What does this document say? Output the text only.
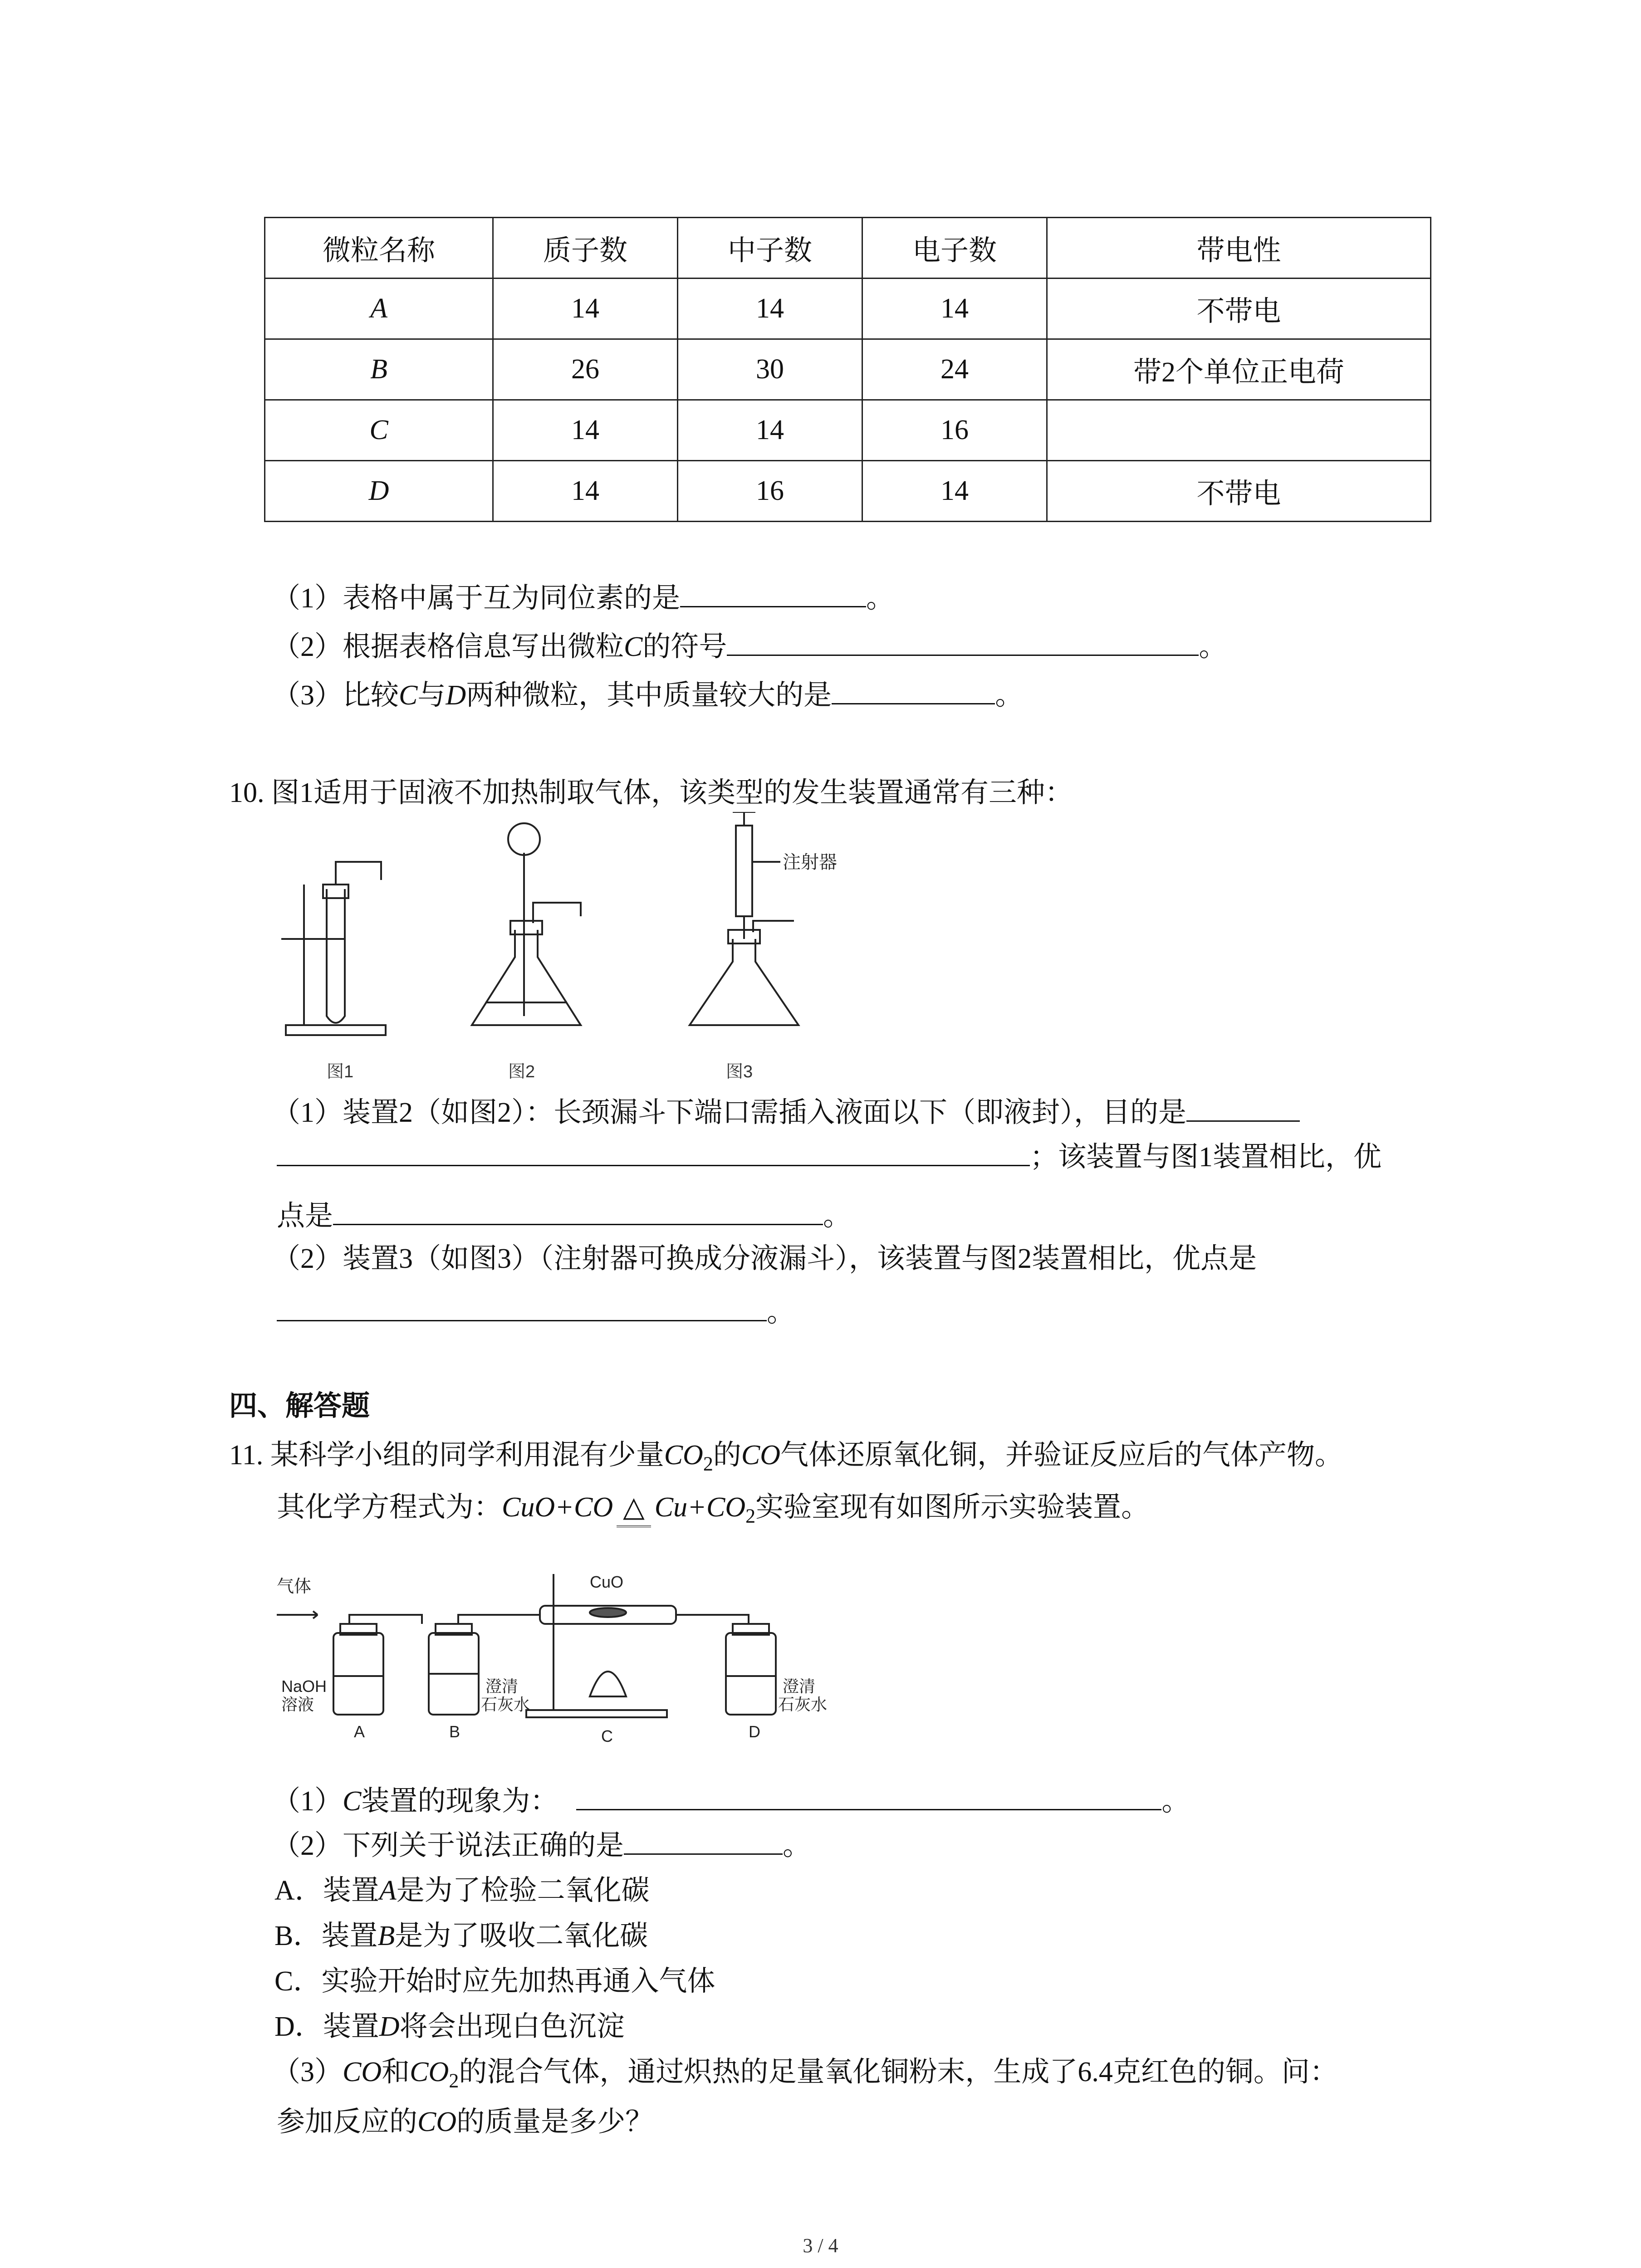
微粒名称	质子数	中子数	电子数	带电性
A	14	14	14	不带电
B	26	30	24	带2个单位正电荷
C	14	14	16	
D	14	16	14	不带电
（1）表格中属于互为同位素的是	。
（2）根据表格信息写出微粒C的符号	。
（3）比较C与D两种微粒，其中质量较大的是	。
10. 图1适用于固液不加热制取气体，该类型的发生装置通常有三种：
注射器
图1	图2	图3
（1）装置2（如图2）：长颈漏斗下端口需插入液面以下（即液封），目的是
；该装置与图1装置相比，优
点是	。
（2）装置3（如图3）（注射器可换成分液漏斗），该装置与图2装置相比，优点是
。
四、解答题
11. 某科学小组的同学利用混有少量$CO_2$的CO气体还原氧化铜，并验证反应后的气体产物。
其化学方程式为：CuO+CO △ $Cu+CO_2$实验室现有如图所示实验装置。
气体	CuO
NaOH
溶液
澄清
石灰水
澄清
石灰水
A	B	C	D
（1）C装置的现象为：	。
（2）下列关于说法正确的是	。
A．装置A是为了检验二氧化碳
B．装置B是为了吸收二氧化碳
C．实验开始时应先加热再通入气体
D．装置D将会出现白色沉淀
（3）CO和$CO_2$的混合气体，通过炽热的足量氧化铜粉末，生成了6.4克红色的铜。问：
参加反应的CO的质量是多少？
3 / 4
